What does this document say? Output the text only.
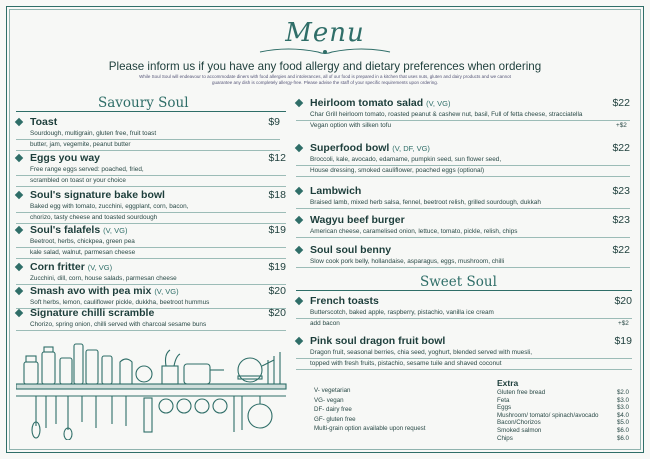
Menu
Please inform us if you have any food allergy and dietary preferences when ordering
While Soul Soul will endeavour to accommodate diners with food allergies and intolerances, all of our food is prepared in a kitchen that uses nuts, gluten and dairy products and we cannot guarantee any dish is completely allergy-free. Please advise the staff of your specific requirements upon ordering.
Savoury Soul
Toast	$9
Sourdough, multigrain, gluten free, fruit toast
butter, jam, vegemite, peanut butter
Eggs you way	$12
Free range eggs served: poached, fried,
scrambled on toast or your choice
Soul's signature bake bowl	$18
Baked egg with tomato, zucchini, eggplant, corn, bacon,
chorizo, tasty cheese and toasted sourdough
Soul's falafels (V, VG)	$19
Beetroot, herbs, chickpea, green pea
kale salad, walnut, parmesan cheese
Corn fritter (V, VG)	$19
Zucchini, dill, corn, house salads, parmesan cheese
Smash avo with pea mix (V, VG)	$20
Soft herbs, lemon, cauliflower pickle, dukkha, beetroot hummus
Signature chilli scramble	$20
Chorizo, spring onion, chilli served with charcoal sesame buns
Heirloom tomato salad (V, VG)	$22
Char Grill heirloom tomato, roasted peanut & cashew nut, basil, Full of fetta cheese, stracciatella
Vegan option with silken tofu	+$2
Superfood bowl (V, DF, VG)	$22
Broccoli, kale, avocado, edamame, pumpkin seed, sun flower seed,
House dressing, smoked cauliflower, poached eggs (optional)
Lambwich	$23
Braised lamb, mixed herb salsa, fennel, beetroot relish, grilled sourdough, dukkah
Wagyu beef burger	$23
American cheese, caramelised onion, lettuce, tomato, pickle, relish, chips
Soul soul benny	$22
Slow cook pork belly, hollandaise, asparagus, eggs, mushroom, chilli
Sweet Soul
French toasts	$20
Butterscotch, baked apple, raspberry, pistachio, vanilla ice cream
add bacon	+$2
Pink soul dragon fruit bowl	$19
Dragon fruit, seasonal berries, chia seed, yoghurt, blended served with muesli,
topped with fresh fruits, pistachio, sesame tuile and shaved coconut
V- vegetarian
VG- vegan
DF- dairy free
GF- gluten free
Multi-grain option available upon request
Extra
Gluten free bread	$2.0
Feta	$3.0
Eggs	$3.0
Mushroom/ tomato/ spinach/avocado	$4.0
Bacon/Chorizos	$5.0
Smoked salmon	$6.0
Chips	$6.0
